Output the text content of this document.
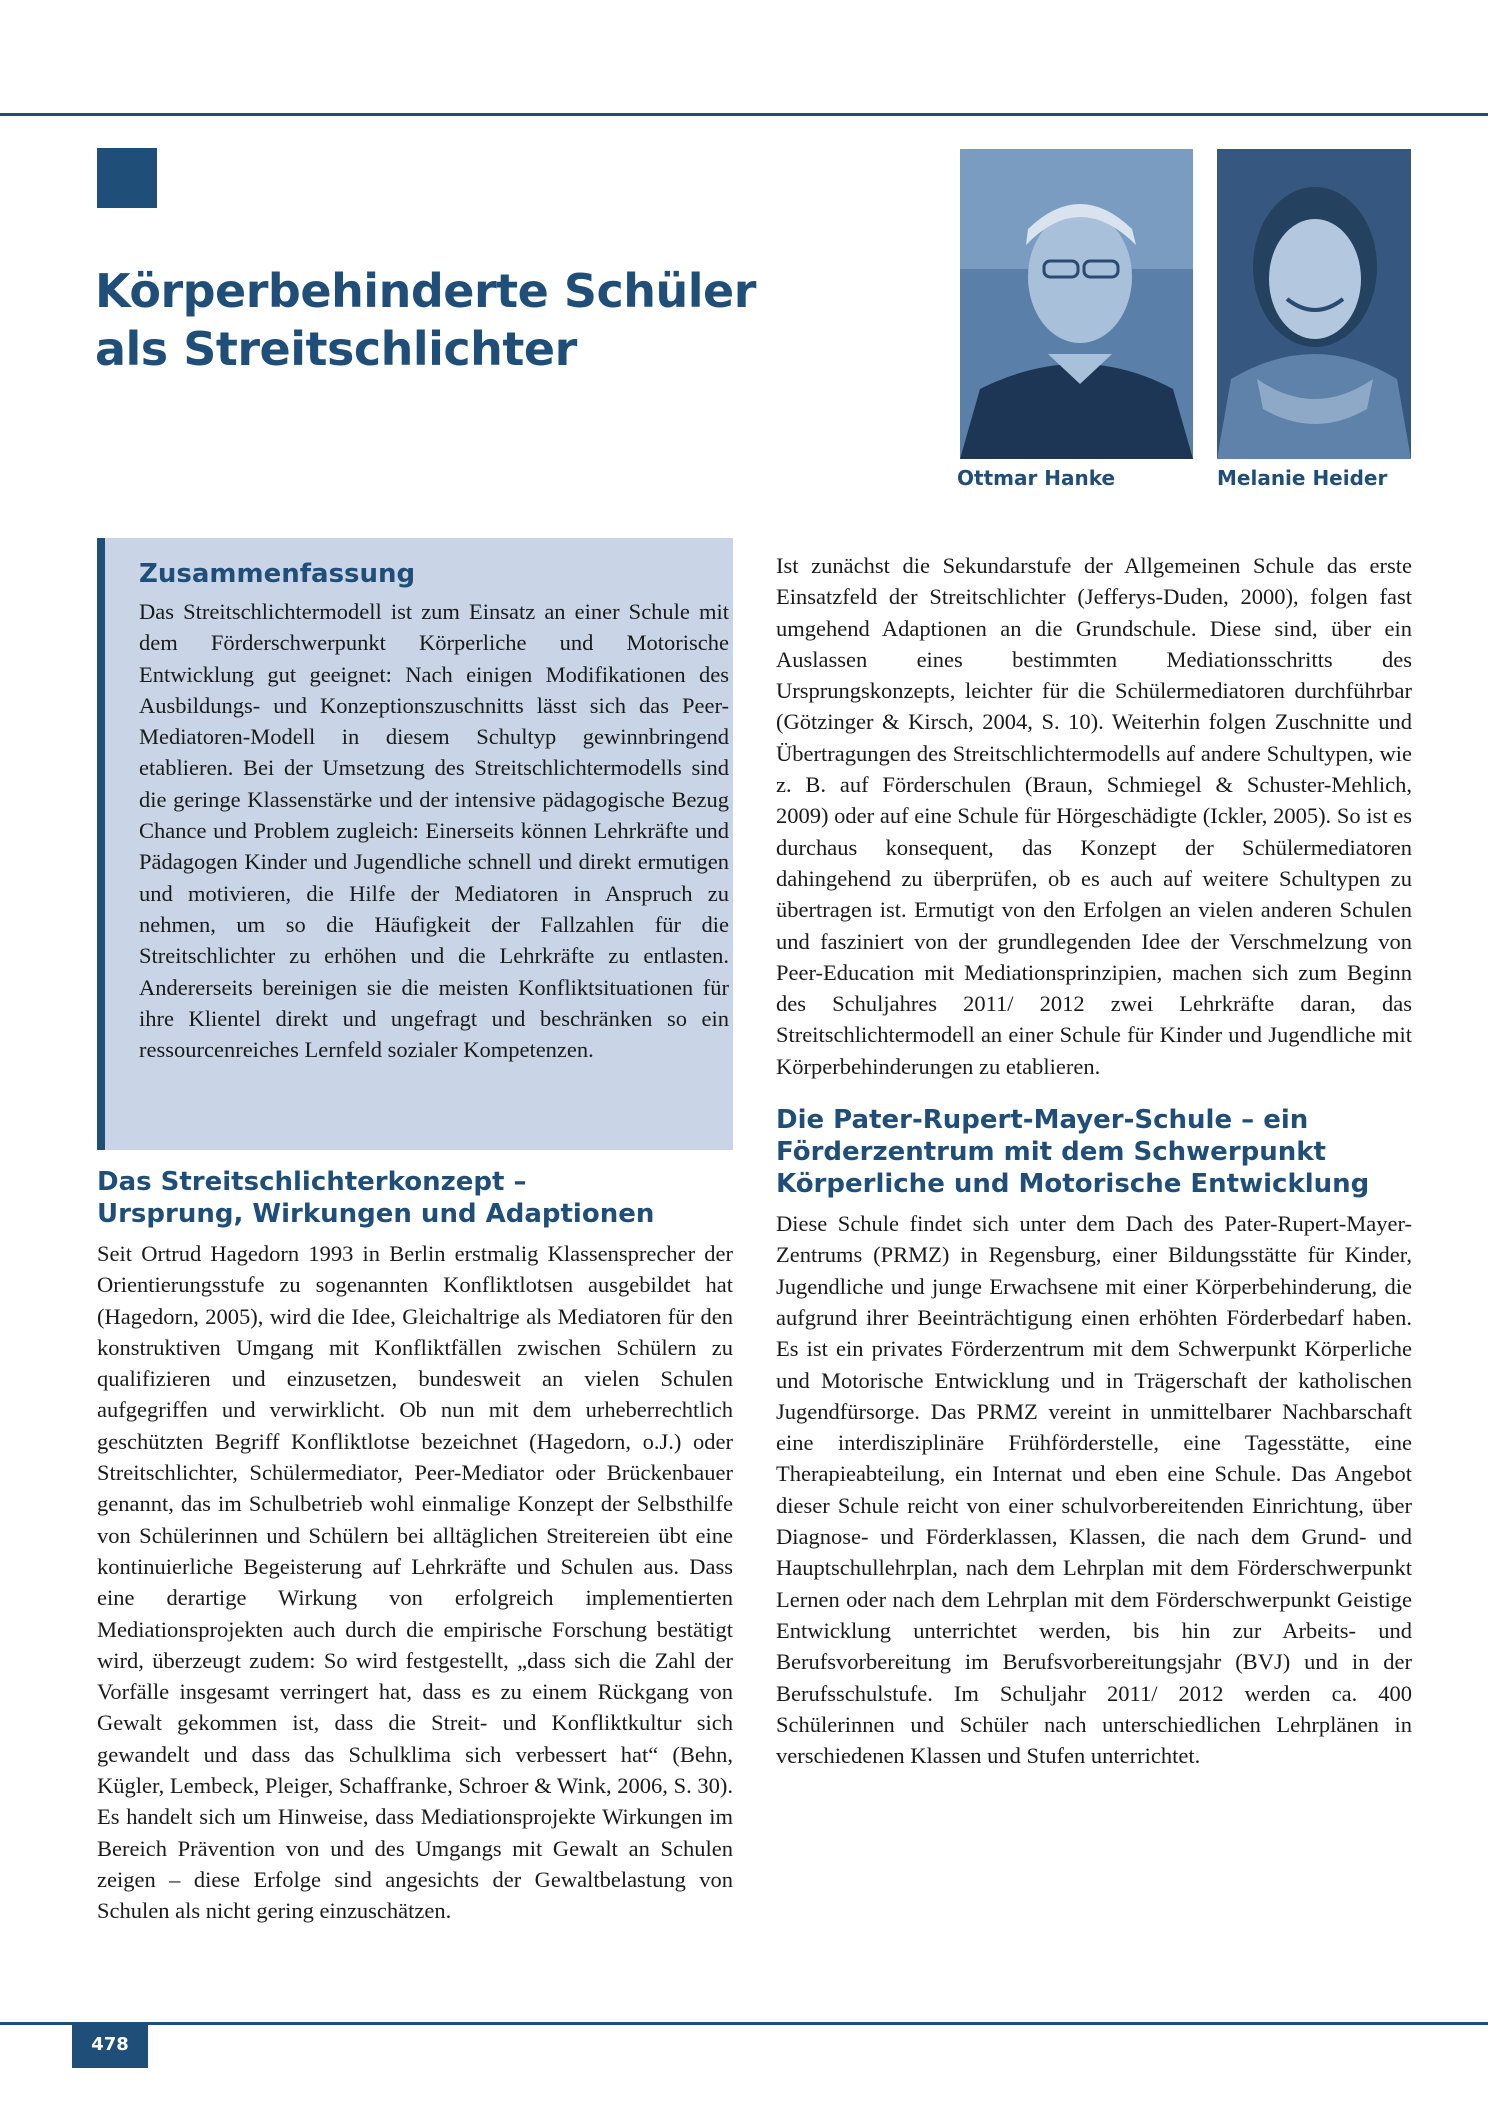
Körperbehinderte Schüler
als Streitschlichter

Ottmar Hanke	Melanie Heider

Zusammenfassung

Das Streitschlichtermodell ist zum Einsatz an einer Schule mit dem Förderschwerpunkt Körperliche und Motorische Entwicklung gut geeignet: Nach einigen Modifikationen des Ausbildungs- und Konzeptionszuschnitts lässt sich das Peer-Mediatoren-Modell in diesem Schultyp gewinnbringend etablieren. Bei der Umsetzung des Streitschlichtermodells sind die geringe Klassenstärke und der intensive pädagogische Bezug Chance und Problem zugleich: Einerseits können Lehrkräfte und Pädagogen Kinder und Jugendliche schnell und direkt ermutigen und motivieren, die Hilfe der Mediatoren in Anspruch zu nehmen, um so die Häufigkeit der Fallzahlen für die Streitschlichter zu erhöhen und die Lehrkräfte zu entlasten. Andererseits bereinigen sie die meisten Konfliktsituationen für ihre Klientel direkt und ungefragt und beschränken so ein ressourcenreiches Lernfeld sozialer Kompetenzen.

Das Streitschlichterkonzept –
Ursprung, Wirkungen und Adaptionen

Seit Ortrud Hagedorn 1993 in Berlin erstmalig Klassensprecher der Orientierungsstufe zu sogenannten Konfliktlotsen ausgebildet hat (Hagedorn, 2005), wird die Idee, Gleichaltrige als Mediatoren für den konstruktiven Umgang mit Konfliktfällen zwischen Schülern zu qualifizieren und einzusetzen, bundesweit an vielen Schulen aufgegriffen und verwirklicht. Ob nun mit dem urheberrechtlich geschützten Begriff Konfliktlotse bezeichnet (Hagedorn, o.J.) oder Streitschlichter, Schülermediator, Peer-Mediator oder Brückenbauer genannt, das im Schulbetrieb wohl einmalige Konzept der Selbsthilfe von Schülerinnen und Schülern bei alltäglichen Streitereien übt eine kontinuierliche Begeisterung auf Lehrkräfte und Schulen aus. Dass eine derartige Wirkung von erfolgreich implementierten Mediationsprojekten auch durch die empirische Forschung bestätigt wird, überzeugt zudem: So wird festgestellt, „dass sich die Zahl der Vorfälle insgesamt verringert hat, dass es zu einem Rückgang von Gewalt gekommen ist, dass die Streit- und Konfliktkultur sich gewandelt und dass das Schulklima sich verbessert hat“ (Behn, Kügler, Lembeck, Pleiger, Schaffranke, Schroer & Wink, 2006, S. 30). Es handelt sich um Hinweise, dass Mediationsprojekte Wirkungen im Bereich Prävention von und des Umgangs mit Gewalt an Schulen zeigen – diese Erfolge sind angesichts der Gewaltbelastung von Schulen als nicht gering einzuschätzen.

Ist zunächst die Sekundarstufe der Allgemeinen Schule das erste Einsatzfeld der Streitschlichter (Jefferys-Duden, 2000), folgen fast umgehend Adaptionen an die Grundschule. Diese sind, über ein Auslassen eines bestimmten Mediationsschritts des Ursprungskonzepts, leichter für die Schülermediatoren durchführbar (Götzinger & Kirsch, 2004, S. 10). Weiterhin folgen Zuschnitte und Übertragungen des Streitschlichtermodells auf andere Schultypen, wie z. B. auf Förderschulen (Braun, Schmiegel & Schuster-Mehlich, 2009) oder auf eine Schule für Hörgeschädigte (Ickler, 2005). So ist es durchaus konsequent, das Konzept der Schülermediatoren dahingehend zu überprüfen, ob es auch auf weitere Schultypen zu übertragen ist. Ermutigt von den Erfolgen an vielen anderen Schulen und fasziniert von der grundlegenden Idee der Verschmelzung von Peer-Education mit Mediationsprinzipien, machen sich zum Beginn des Schuljahres 2011/ 2012 zwei Lehrkräfte daran, das Streitschlichtermodell an einer Schule für Kinder und Jugendliche mit Körperbehinderungen zu etablieren.

Die Pater-Rupert-Mayer-Schule – ein
Förderzentrum mit dem Schwerpunkt
Körperliche und Motorische Entwicklung

Diese Schule findet sich unter dem Dach des Pater-Rupert-Mayer-Zentrums (PRMZ) in Regensburg, einer Bildungsstätte für Kinder, Jugendliche und junge Erwachsene mit einer Körperbehinderung, die aufgrund ihrer Beeinträchtigung einen erhöhten Förderbedarf haben. Es ist ein privates Förderzentrum mit dem Schwerpunkt Körperliche und Motorische Entwicklung und in Trägerschaft der katholischen Jugendfürsorge. Das PRMZ vereint in unmittelbarer Nachbarschaft eine interdisziplinäre Frühförderstelle, eine Tagesstätte, eine Therapieabteilung, ein Internat und eben eine Schule. Das Angebot dieser Schule reicht von einer schulvorbereitenden Einrichtung, über Diagnose- und Förderklassen, Klassen, die nach dem Grund- und Hauptschullehrplan, nach dem Lehrplan mit dem Förderschwerpunkt Lernen oder nach dem Lehrplan mit dem Förderschwerpunkt Geistige Entwicklung unterrichtet werden, bis hin zur Arbeits- und Berufsvorbereitung im Berufsvorbereitungsjahr (BVJ) und in der Berufsschulstufe. Im Schuljahr 2011/ 2012 werden ca. 400 Schülerinnen und Schüler nach unterschiedlichen Lehrplänen in verschiedenen Klassen und Stufen unterrichtet.

478
